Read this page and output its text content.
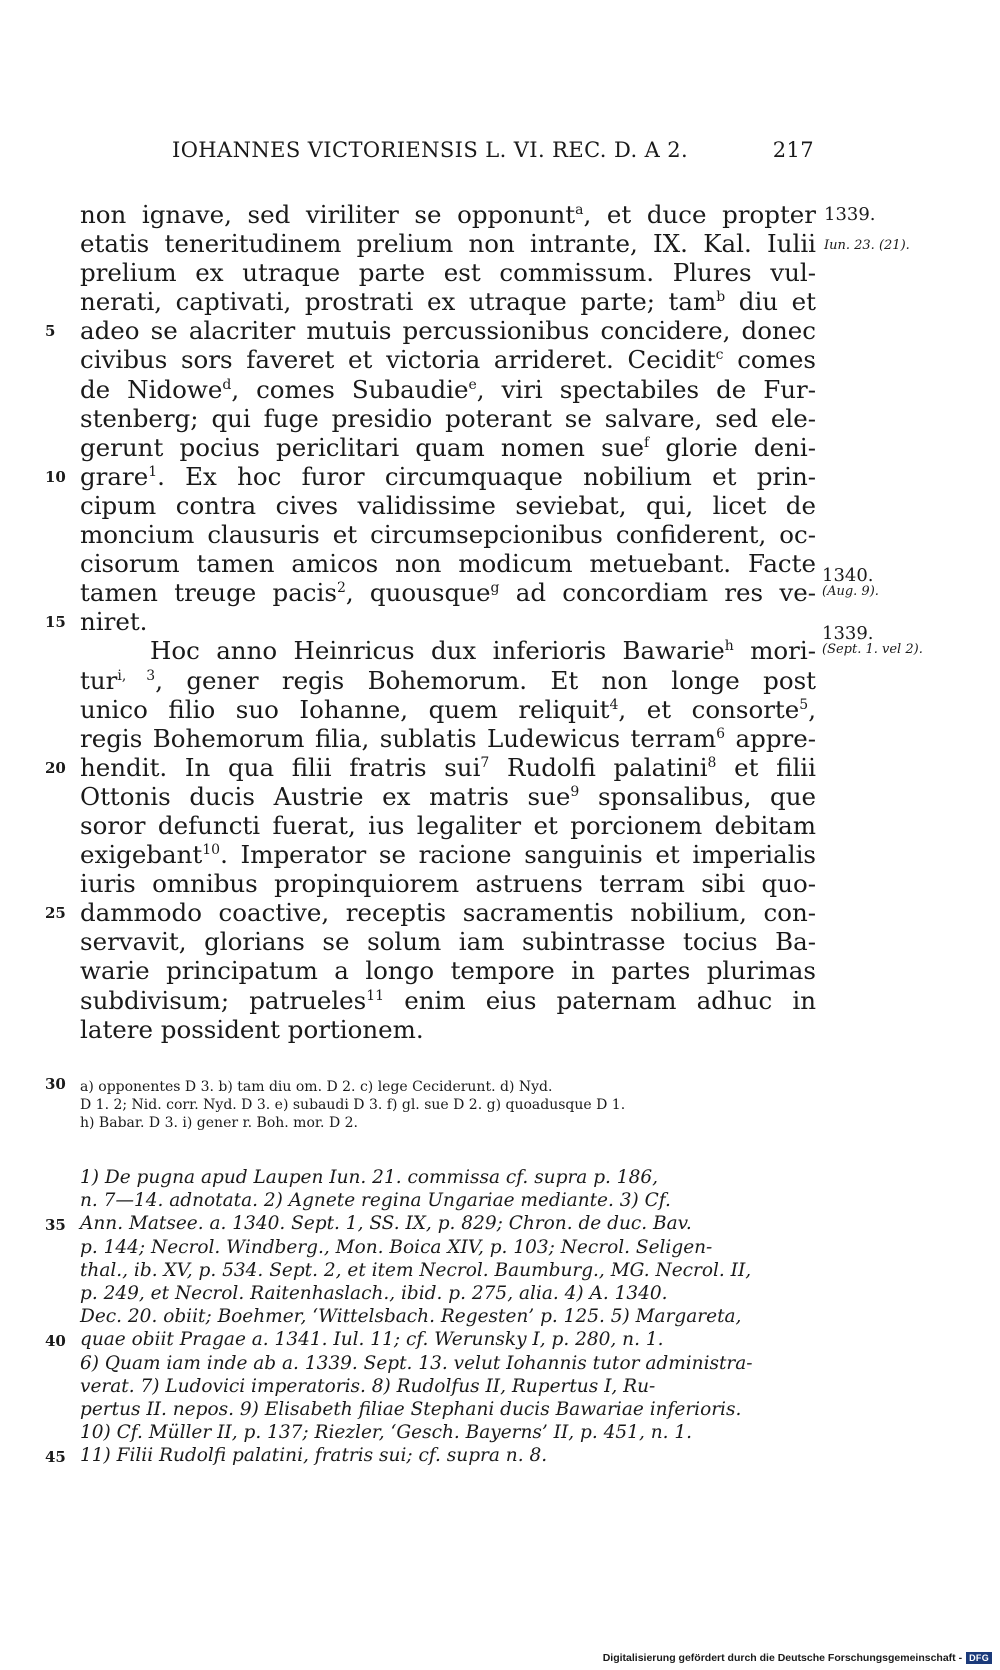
IOHANNES VICTORIENSIS L. VI. REC. D. A 2.	217
non ignave, sed viriliter se opponunt$^a$, et duce propter 1339.
etatis teneritudinem prelium non intrante, IX. Kal. Iulii Iun. 23. (21).
prelium ex utraque parte est commissum. Plures vul-
nerati, captivati, prostrati ex utraque parte; tam$^b$ diu et
adeo se alacriter mutuis percussionibus concidere, donec
5
civibus sors faveret et victoria arrideret. Cecidit$^c$ comes
de Nidowe$^d$, comes Subaudie$^e$, viri spectabiles de Fur-
stenberg; qui fuge presidio poterant se salvare, sed ele-
gerunt pocius periclitari quam nomen sue$^f$ glorie deni-
grare$^1$. Ex hoc furor circumquaque nobilium et prin-
10
cipum contra cives validissime seviebat, qui, licet de
moncium clausuris et circumsepcionibus confiderent, oc-
cisorum tamen amicos non modicum metuebant. Facte
tamen treuge pacis$^2$, quousque$^g$ ad concordiam res ve-
1340.
(Aug. 9).
niret.
15
Hoc anno Heinricus dux inferioris Bawarie$^h$ mori-
1339.
(Sept. 1. vel 2).
tur$^{i, 3}$, gener regis Bohemorum. Et non longe post
unico filio suo Iohanne, quem reliquit$^4$, et consorte$^5$,
regis Bohemorum filia, sublatis Ludewicus terram$^6$ appre-
hendit. In qua filii fratris sui$^7$ Rudolfi palatini$^8$ et filii
20
Ottonis ducis Austrie ex matris sue$^9$ sponsalibus, que
soror defuncti fuerat, ius legaliter et porcionem debitam
exigebant$^{10}$. Imperator se racione sanguinis et imperialis
iuris omnibus propinquiorem astruens terram sibi quo-
dammodo coactive, receptis sacramentis nobilium, con-
25
servavit, glorians se solum iam subintrasse tocius Ba-
warie principatum a longo tempore in partes plurimas
subdivisum; patrueles$^{11}$ enim eius paternam adhuc in
latere possident portionem.
30	a) opponentes D 3. b) tam diu om. D 2. c) lege Ceciderunt. d) Nyd.
D 1. 2; Nid. corr. Nyd. D 3. e) subaudi D 3. f) gl. sue D 2. g) quoadusque D 1.
h) Babar. D 3. i) gener r. Boh. mor. D 2.
1) De pugna apud Laupen Iun. 21. commissa cf. supra p. 186,
n. 7—14. adnotata. 2) Agnete regina Ungariae mediante. 3) Cf.
35 Ann. Matsee. a. 1340. Sept. 1, SS. IX, p. 829; Chron. de duc. Bav.
p. 144; Necrol. Windberg., Mon. Boica XIV, p. 103; Necrol. Seligen-
thal., ib. XV, p. 534. Sept. 2, et item Necrol. Baumburg., MG. Necrol. II,
p. 249, et Necrol. Raitenhaslach., ibid. p. 275, alia. 4) A. 1340.
Dec. 20. obiit; Boehmer, ‘Wittelsbach. Regesten’ p. 125. 5) Margareta,
40 quae obiit Pragae a. 1341. Iul. 11; cf. Werunsky I, p. 280, n. 1.
6) Quam iam inde ab a. 1339. Sept. 13. velut Iohannis tutor administra-
verat. 7) Ludovici imperatoris. 8) Rudolfus II, Rupertus I, Ru-
pertus II. nepos. 9) Elisabeth filiae Stephani ducis Bawariae inferioris.
10) Cf. Müller II, p. 137; Riezler, ‘Gesch. Bayerns’ II, p. 451, n. 1.
45 11) Filii Rudolfi palatini, fratris sui; cf. supra n. 8.
Digitalisierung gefördert durch die Deutsche Forschungsgemeinschaft - DFG
